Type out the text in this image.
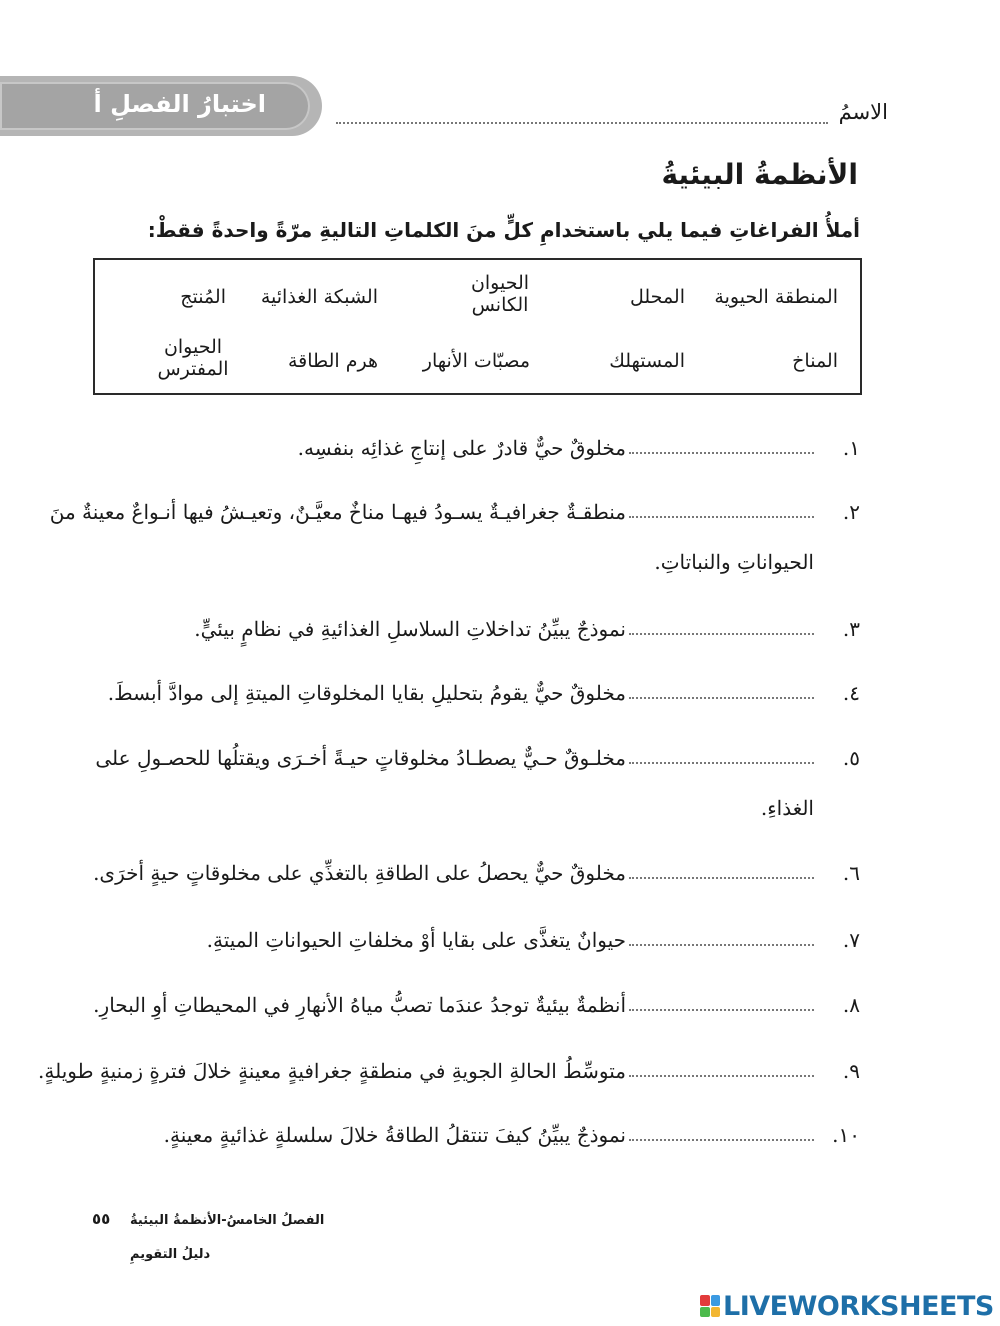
اختبارُ الفصلِ أ	الاسمُ
الأنظمةُ البيئيةُ
أملأُ الفراغاتِ فيما يلي باستخدامِ كلٍّ منَ الكلماتِ التاليةِ مرّةً واحدةً فقطْ:
المنطقة الحيوية
المحلل
الحيوان الكانس
الشبكة الغذائية
المُنتج
المناخ
المستهلك
مصبّات الأنهار
هرم الطاقة
الحيوان المفترس
١.
مخلوقٌ حيٌّ قادرٌ على إنتاجِ غذائِه بنفسِه.
٢.
منطقـةٌ جغرافيـةٌ يسـودُ فيهـا مناخٌ معيَّـنٌ، وتعيـشُ فيها أنـواعٌ معينةٌ منَ
الحيواناتِ والنباتاتِ.
٣.
نموذجٌ يبيِّنُ تداخلاتِ السلاسلِ الغذائيةِ في نظامٍ بيئيٍّ.
٤.
مخلوقٌ حيٌّ يقومُ بتحليلِ بقايا المخلوقاتِ الميتةِ إلى موادَّ أبسطَ.
٥.
مخلـوقٌ حـيٌّ يصطـادُ مخلوقاتٍ حيـةً أخـرَى ويقتلُها للحصـولِ على
الغذاءِ.
٦.
مخلوقٌ حيٌّ يحصلُ على الطاقةِ بالتغذِّي على مخلوقاتٍ حيةٍ أخرَى.
٧.
حيوانٌ يتغذَّى على بقايا أوْ مخلفاتِ الحيواناتِ الميتةِ.
٨.
أنظمةٌ بيئيةٌ توجدُ عندَما تصبُّ مياهُ الأنهارِ في المحيطاتِ أوِ البحارِ.
٩.
متوسِّطُ الحالةِ الجويةِ في منطقةٍ جغرافيةٍ معينةٍ خلالَ فترةٍ زمنيةٍ طويلةٍ.
١٠.
نموذجٌ يبيِّنُ كيفَ تنتقلُ الطاقةُ خلالَ سلسلةٍ غذائيةٍ معينةٍ.
٥٥ الفصلُ الخامسُ-الأنظمةُ البيئيةُ
دليلُ التقويمِ
LIVEWORKSHEETS
